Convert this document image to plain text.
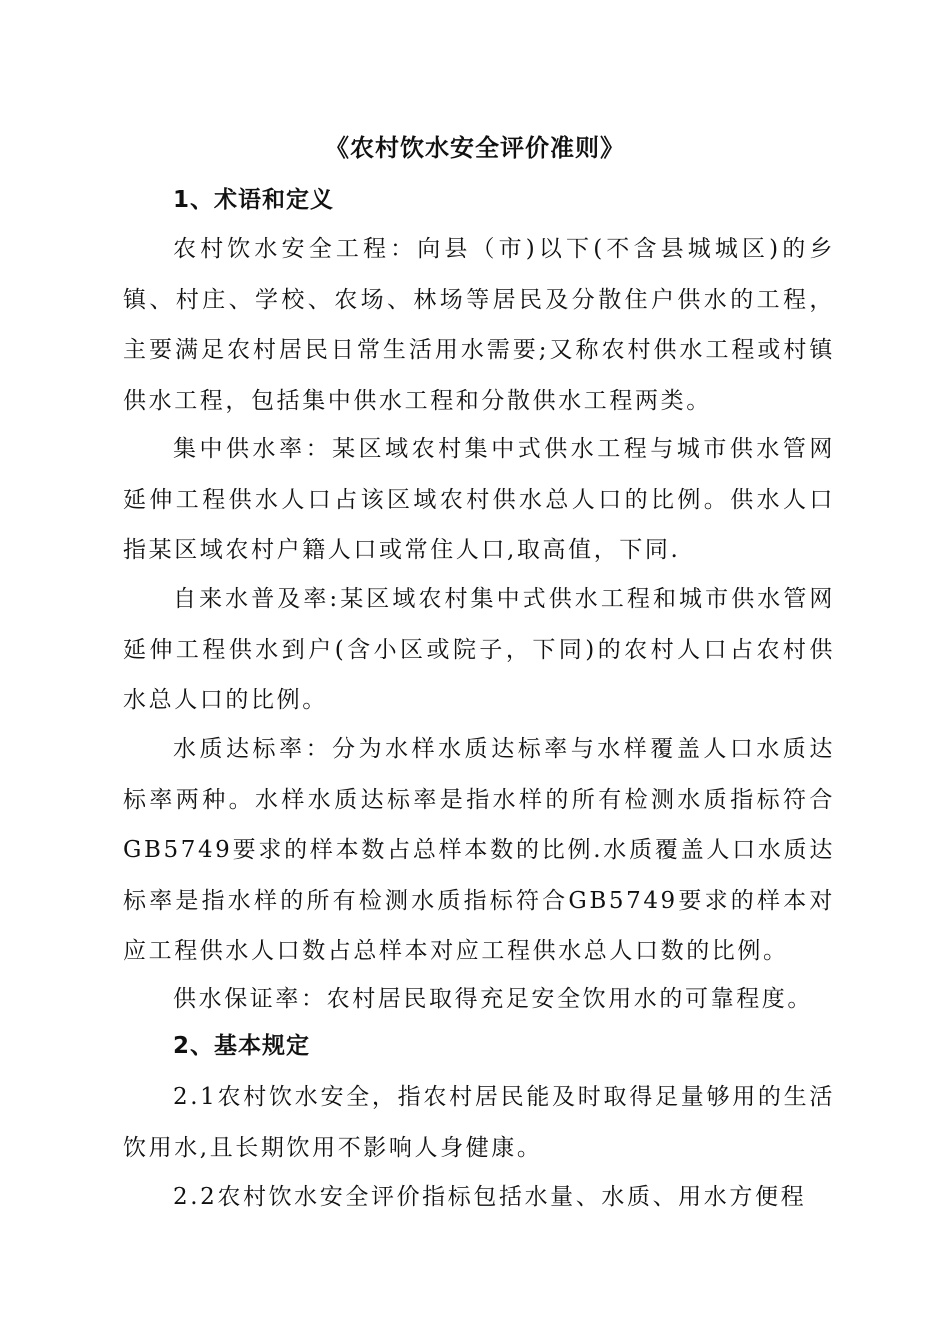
《农村饮水安全评价准则》
1、术语和定义

农村饮水安全工程：向县（市)以下(不含县城城区)的乡镇、村庄、学校、农场、林场等居民及分散住户供水的工程，主要满足农村居民日常生活用水需要;又称农村供水工程或村镇供水工程，包括集中供水工程和分散供水工程两类。

集中供水率：某区域农村集中式供水工程与城市供水管网延伸工程供水人口占该区域农村供水总人口的比例。供水人口指某区域农村户籍人口或常住人口,取高值，下同.

自来水普及率:某区域农村集中式供水工程和城市供水管网延伸工程供水到户(含小区或院子，下同)的农村人口占农村供水总人口的比例。

水质达标率：分为水样水质达标率与水样覆盖人口水质达标率两种。水样水质达标率是指水样的所有检测水质指标符合GB5749要求的样本数占总样本数的比例.水质覆盖人口水质达标率是指水样的所有检测水质指标符合GB5749要求的样本对应工程供水人口数占总样本对应工程供水总人口数的比例。

供水保证率：农村居民取得充足安全饮用水的可靠程度。

2、基本规定

2.1农村饮水安全，指农村居民能及时取得足量够用的生活饮用水,且长期饮用不影响人身健康。

2.2农村饮水安全评价指标包括水量、水质、用水方便程
